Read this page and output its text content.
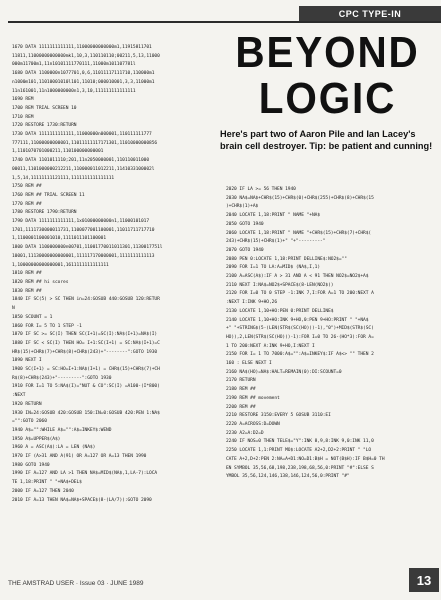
CPC TYPE-IN
BEYOND
LOGIC
Here's part two of Aaron Pile and Ian Lacey's brain cell destroyer. Tip: be patient and cunning!
1670 DATA 1111111111111,11000000000000m1,11915811701
11811,11000000000000mk1,10,3,110110110;00211,5,13,11000
000m11700m1,11n10101111770111,11000m101107781l
1680 DATA 1100000n1077701,0,6,11011117111710,110000m1
n1000m101,11010001010l101,11010;000010001,3,3,11000m1
11n161001,11n1000000000n1,3,10,111111111111111
1690 REM
1700 REM TRIAL SCREEN 10
1710 REM
1720 RESTORE 1730:RETURN
1730 DATA 1111111111111,11000000n000001,110111111777
777111,11000000000001,11011111117171301,11010000000856
1,1101070701000211,110100000000001
1740 DATA 1101011110;201,11n2050000001,110110011000
00011,1101000000212211,110000011012211,1141033100002l
1,5,14,11111111121111,1111111111111111
1750 REM ##
1760 REM ## TRIAL SCREEN 11
1770 REM ##
1780 RESTORE 1790:RETURN
1790 DATA 1111111111111,1x01000000000n1,11000101017
1701,1111730000011731,1100077001100001,11011711717710
1,1100001100001010,1111011101100001
1800 DATA 1100000000n00701,11001770011011301,1130017751l
10001,11130000000000001,111117170000001,1111111111113
1,10000000000000001,1611111111111111
1810 REM ##
1820 REM ## hi scores
1830 REM ##
1840 IF SC(5) > SC THEN in=24:GOSUB 440:GOSUB 120:RETUR
N
1850 SCOUNT = 1
1860 FOR I= 5 TO 1 STEP -1
1870 IF SC >= SC(I) THEN SC(I+1)=SC(I):NA$(I+1)=NA$(I)
1880 IF SC < SC(I) THEN HO= I+1:SC(I+1) = SC:NA$(I+1)=C
HR$(15)+CHR$(7)+CHR$(8)+CHR$(243)+"--------":GOTO 1930
1890 NEXT I
1900 SC(I+1) = SC:HO=I+1:NA$(I+1) = CHR$(15)+CHR$(7)+CH
R$(8)+CHR$(243)+"---------":GOTO 1930
1910 FOR I=1 TO 5:NA$(I)="NUT & CO":SC(I) =A100-(I*800)
:NEXT
1920 RETURN
1930 IN=24:GOSUB 420:GOSUB 150:IN=0:GOSUB 420:PEN 1:NA$
="":GOTO 2060
1940 A$="":WHILE A$="":A$=INKEY$:WEND
1950 A$=UPPER$(A$)
1960 A = ASC(A$):LA = LEN (NA$)
1970 IF (A>31 AND A(91) OR A=127 OR A=13 THEN 1990
1980 GOTO 1940
1990 IF A=127 AND LA >1 THEN NA$=MID$(NA$,1,LA-7):LOCA
TE 1,18:PRINT " "+NA$+DEL$
2000 IF A=127 THEN 2040
2010 IF A=13 THEN NA$=NA$+SPACE$(8-(LA/7)):GOTO 2090
2020 IF LA >= 56 THEN 1940
2030 NA$=NA$+CHR$(15)+CHR$(0)+CHR$(255)+CHR$(8)+CHR$(15
)+CHR$(1)+A$
2040 LOCATE 1,18:PRINT " NAME "+NA$
2050 GOTO 1940
2060 LOCATE 1,18:PRINT " NAME "+CHR$(15)+CHR$(7)+CHR$(
243)+CHR$(15)+CHR$(1)+" "+"---------"
2070 GOTO 1940
2080 PEN 0:LOCATE 1,18:PRINT DELLINE$:NO2$=""
2090 FOR I=1 TO LA:A=MID$ (NA$,I,1)
2100 A=ASC(A$):IF A > 31 AND A < 91 THEN NO2$=NO2$+A$
2110 NEXT I:NA$=NO2$+SPACE$(8-LEN(NO2$))
2120 FOR I=0 TO 0 STEP -1:INK 7,I:FOR A=1 TO 200:NEXT A
:NEXT I:INK 9+HO,26
2130 LOCATE 1,10+HO:PEN 0:PRINT DELLINE$
2140 LOCATE 1,10+HO:INK 9+HO,0:PEN 9+HO:PRINT " "+NA$
+" "+STRING$(5-(LEN(STR$(SC(HO)))-1),"0")+MID$(STR$(SC(
HO)),2,LEN(STR$(SC(HO)))-1):FOR I=0 TO 26-(HO*3):FOR A=
1 TO 200:NEXT A:INK 9+HO,I:NEXT I
2150 FOR I= 1 TO 7000:A$="":A$=INKEY$:IF A$<> "" THEN 2
160 : ELSE NEXT I
2160 NA$(HO)=NA$:HALT=REMAIN(0):DI:SCOUNT=0
2170 RETURN
2180 REM ##
2190 REM ## movement
2200 REM ##
2210 RESTORE 3150:EVERY 5 GOSUB 3110:EI
2220 A=ACROSS:D=DOWN
2230 A2=A:D2=D
2240 IF NOS=0 THEN TELE$="Y":INK 8,9,8:INK 9,0:INK 11,0
2250 LOCATE 1,1:PRINT MO$:LOCATE A2+2,D2+2:PRINT " "LO
CATE A+2,D+2:PEN 2:NA=A+D1:NO=D1:B$H = NOT(B$H):IF B$H=0 TH
EN SYMBOL 35,56,68,198,238,198,68,56,0:PRINT "#":ELSE S
YMBOL 35,56,124,146,138,146,124,56,0:PRINT "#"
THE AMSTRAD USER · Issue 03 · JUNE 1989	13
